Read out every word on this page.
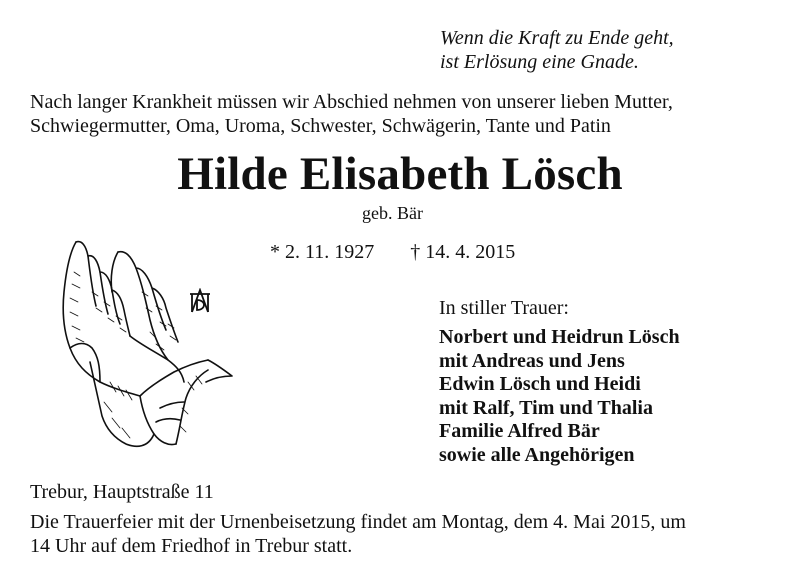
Wenn die Kraft zu Ende geht,
ist Erlösung eine Gnade.
Nach langer Krankheit müssen wir Abschied nehmen von unserer lieben Mutter,
Schwiegermutter, Oma, Uroma, Schwester, Schwägerin, Tante und Patin
Hilde Elisabeth Lösch
geb. Bär
* 2. 11. 1927 † 14. 4. 2015
In stiller Trauer:
Norbert und Heidrun Lösch
mit Andreas und Jens
Edwin Lösch und Heidi
mit Ralf, Tim und Thalia
Familie Alfred Bär
sowie alle Angehörigen
Trebur, Hauptstraße 11
Die Trauerfeier mit der Urnenbeisetzung findet am Montag, dem 4. Mai 2015, um
14 Uhr auf dem Friedhof in Trebur statt.
